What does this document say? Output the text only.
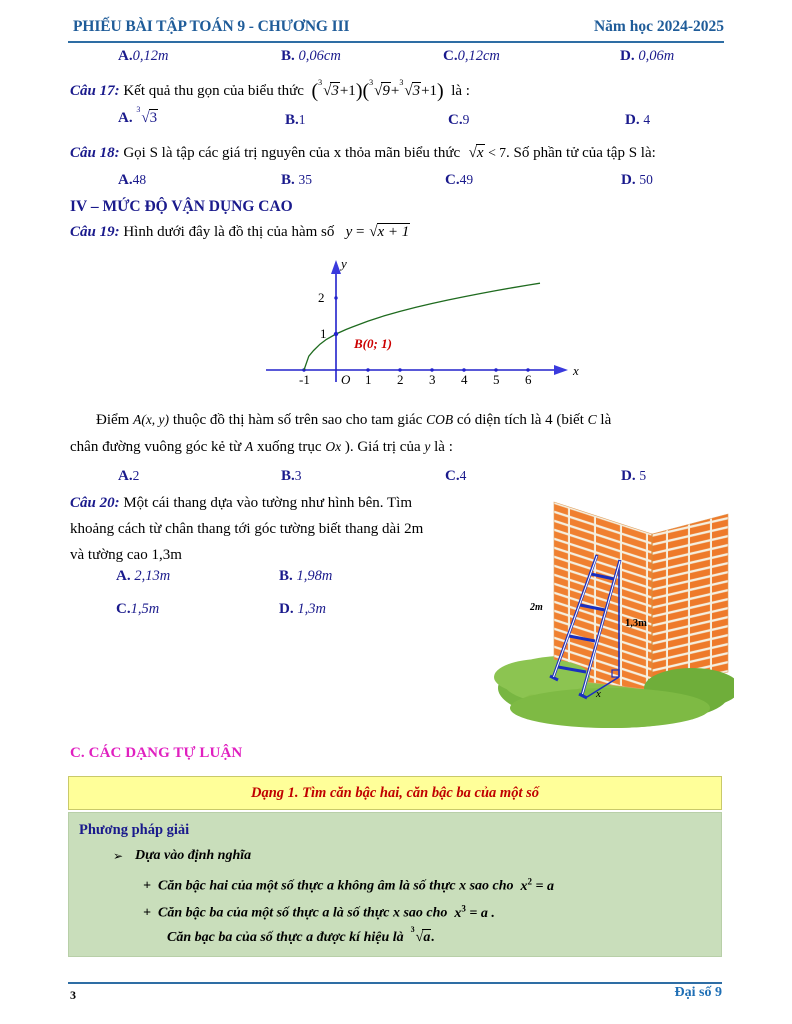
PHIẾU BÀI TẬP TOÁN 9 - CHƯƠNG III	Năm học 2024-2025
A.0,12m	B. 0,06cm	C.0,12cm	D. 0,06m
Câu 17: Kết quả thu gọn của biểu thức ( 3
√3+1)( 3
√9+
3
√3+1) là :
A.
3
√3	B.1	C.9	D. 4
Câu 18: Gọi S là tập các giá trị nguyên của x thỏa mãn biểu thức √x < 7. Số phần tử của tập S là:
A.48	B. 35	C.49	D. 50
IV – MỨC ĐỘ VẬN DỤNG CAO
Câu 19: Hình dưới đây là đồ thị của hàm số y = √x + 1
y
x
-1 O 1 2 3 4 5 6
1
2
B(0; 1)
Điểm A(x, y) thuộc đồ thị hàm số trên sao cho tam giác COB có diện tích là 4 (biết C là
chân đường vuông góc kẻ từ A xuống trục Ox ). Giá trị của y là :
A.2	B.3	C.4	D. 5
Câu 20: Một cái thang dựa vào tường như hình bên. Tìm
khoảng cách từ chân thang tới góc tường biết thang dài 2m
và tường cao 1,3m
A. 2,13m	B. 1,98m
C.1,5m	D. 1,3m	2m
1,3m
x
C. CÁC DẠNG TỰ LUẬN
Dạng 1. Tìm căn bậc hai, căn bậc ba của một số
Phương pháp giải
➢ Dựa vào định nghĩa
+ Căn bậc hai của một số thực a không âm là số thực x sao cho $x^2 = a$
+ Căn bậc ba của một số thực a là số thực x sao cho $x^3 = a$ .
Căn bạc ba của số thực a được kí hiệu là
3
√a.
3	Đại số 9
